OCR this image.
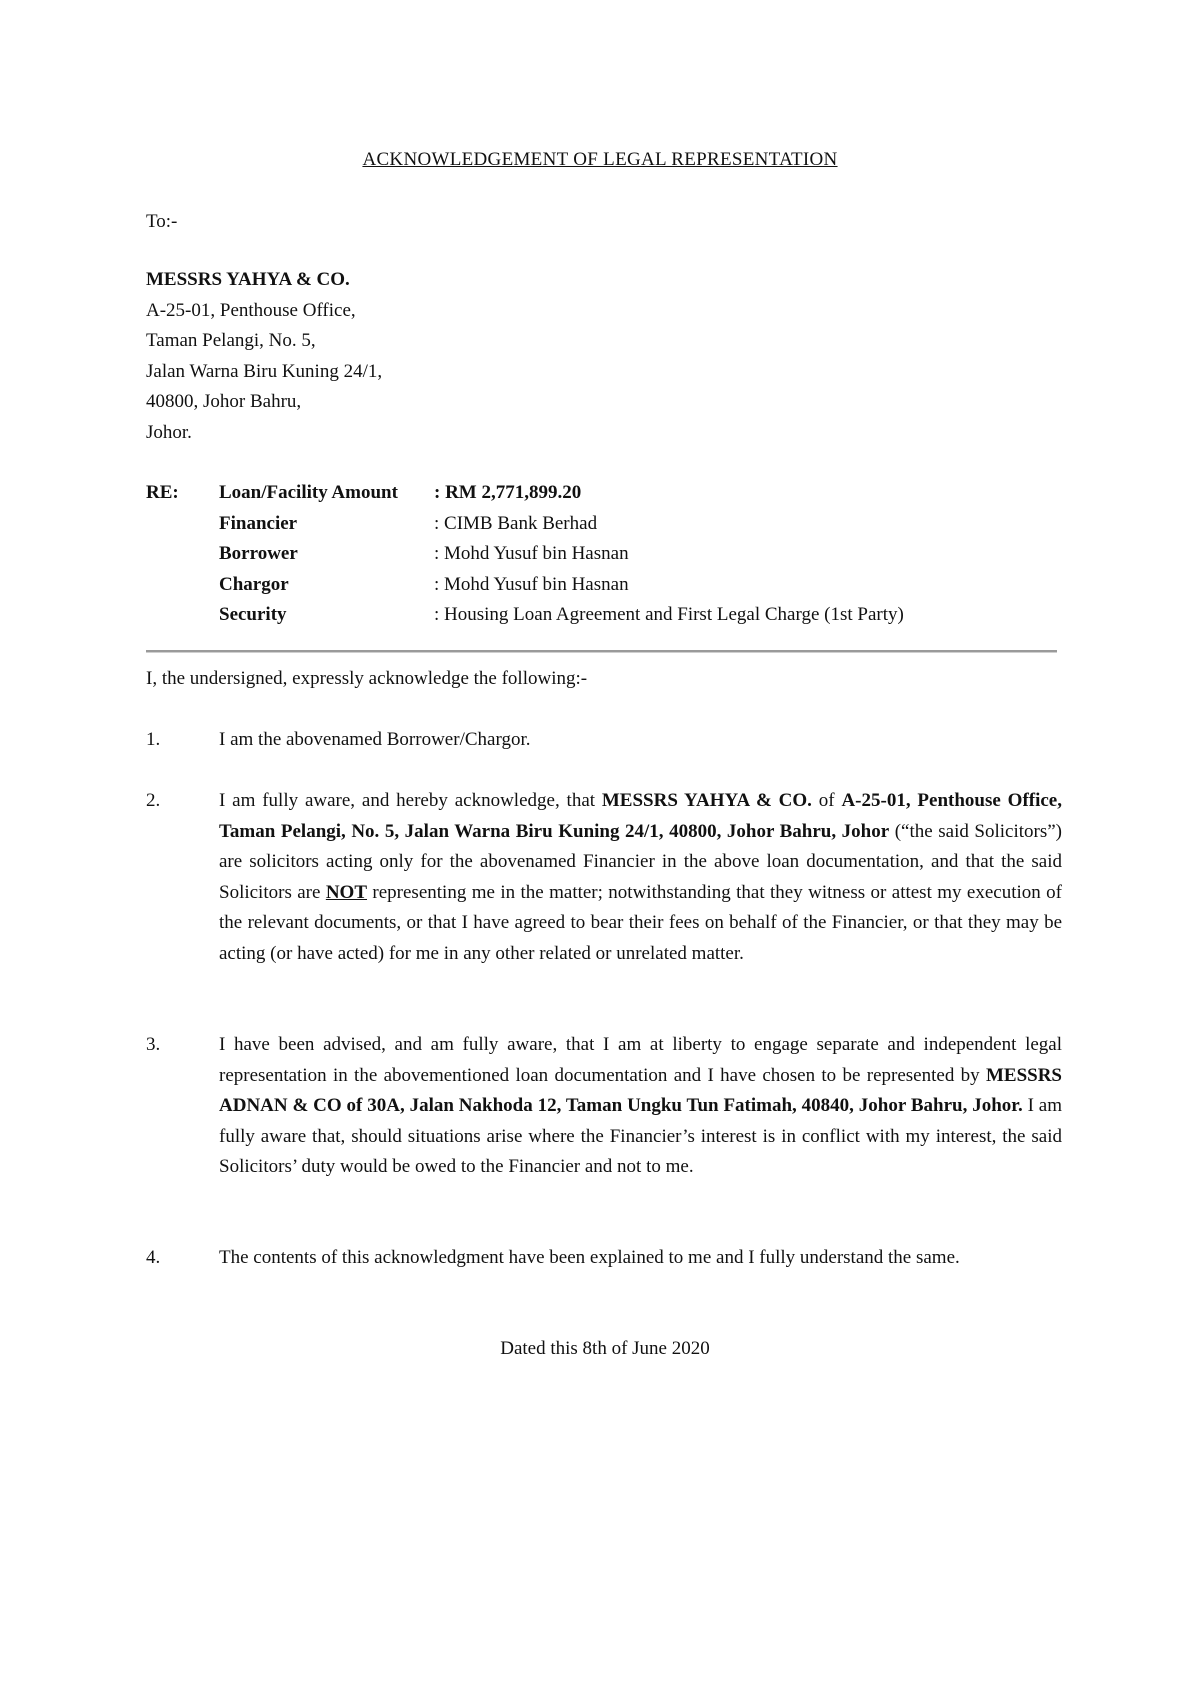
ACKNOWLEDGEMENT OF LEGAL REPRESENTATION
To:-
MESSRS YAHYA & CO.
A-25-01, Penthouse Office,
Taman Pelangi, No. 5,
Jalan Warna Biru Kuning 24/1,
40800, Johor Bahru,
Johor.
RE: Loan/Facility Amount : RM 2,771,899.20
Financier	: CIMB Bank Berhad
Borrower	: Mohd Yusuf bin Hasnan
Chargor	: Mohd Yusuf bin Hasnan
Security	: Housing Loan Agreement and First Legal Charge (1st Party)
I, the undersigned, expressly acknowledge the following:-
1.	I am the abovenamed Borrower/Chargor.
2.	I am fully aware, and hereby acknowledge, that MESSRS YAHYA & CO. of A-25-01, Penthouse Office, Taman Pelangi, No. 5, Jalan Warna Biru Kuning 24/1, 40800, Johor Bahru, Johor (“the said Solicitors”) are solicitors acting only for the abovenamed Financier in the above loan documentation, and that the said Solicitors are NOT representing me in the matter; notwithstanding that they witness or attest my execution of the relevant documents, or that I have agreed to bear their fees on behalf of the Financier, or that they may be acting (or have acted) for me in any other related or unrelated matter.
3.	I have been advised, and am fully aware, that I am at liberty to engage separate and independent legal representation in the abovementioned loan documentation and I have chosen to be represented by MESSRS ADNAN & CO of 30A, Jalan Nakhoda 12, Taman Ungku Tun Fatimah, 40840, Johor Bahru, Johor. I am fully aware that, should situations arise where the Financier’s interest is in conflict with my interest, the said Solicitors’ duty would be owed to the Financier and not to me.
4.	The contents of this acknowledgment have been explained to me and I fully understand the same.
Dated this 8th of June 2020
